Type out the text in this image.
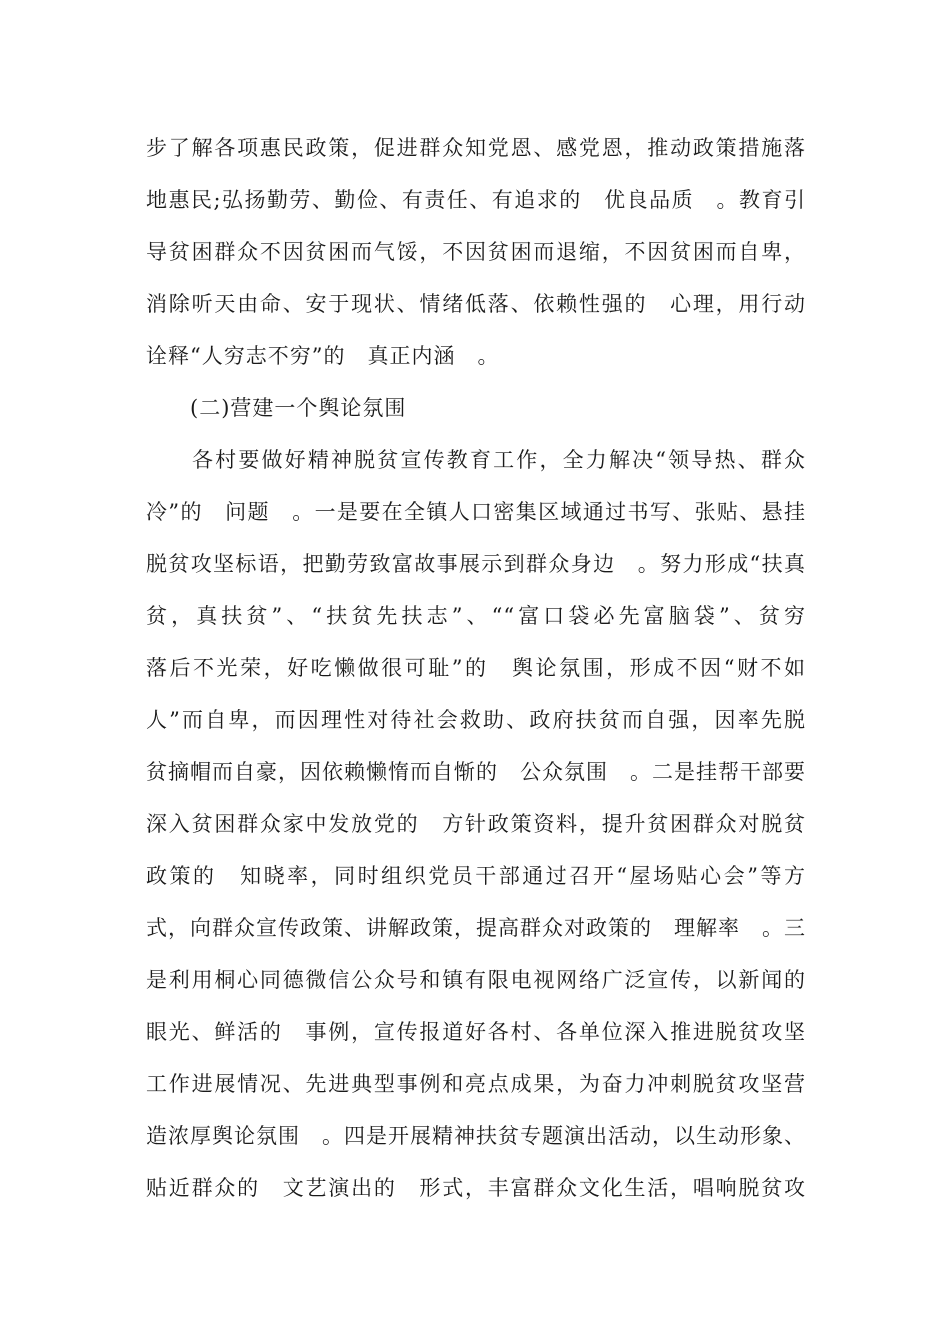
步了解各项惠民政策，促进群众知党恩、感党恩，推动政策措施落
地惠民;弘扬勤劳、勤俭、有责任、有追求的　优良品质　。教育引
导贫困群众不因贫困而气馁，不因贫困而退缩，不因贫困而自卑，
消除听天由命、安于现状、情绪低落、依赖性强的　心理，用行动
诠释“人穷志不穷”的　真正内涵　。
(二)营建一个舆论氛围
各村要做好精神脱贫宣传教育工作，全力解决“领导热、群众
冷”的　问题　。一是要在全镇人口密集区域通过书写、张贴、悬挂
脱贫攻坚标语，把勤劳致富故事展示到群众身边　。努力形成“扶真
贫，真扶贫”、“扶贫先扶志”、““富口袋必先富脑袋”、贫穷
落后不光荣，好吃懒做很可耻”的　舆论氛围，形成不因“财不如
人”而自卑，而因理性对待社会救助、政府扶贫而自强，因率先脱
贫摘帽而自豪，因依赖懒惰而自惭的　公众氛围　。二是挂帮干部要
深入贫困群众家中发放党的　方针政策资料，提升贫困群众对脱贫
政策的　知晓率，同时组织党员干部通过召开“屋场贴心会”等方
式，向群众宣传政策、讲解政策，提高群众对政策的　理解率　。三
是利用桐心同德微信公众号和镇有限电视网络广泛宣传，以新闻的
眼光、鲜活的　事例，宣传报道好各村、各单位深入推进脱贫攻坚
工作进展情况、先进典型事例和亮点成果，为奋力冲刺脱贫攻坚营
造浓厚舆论氛围　。四是开展精神扶贫专题演出活动，以生动形象、
贴近群众的　文艺演出的　形式，丰富群众文化生活，唱响脱贫攻
